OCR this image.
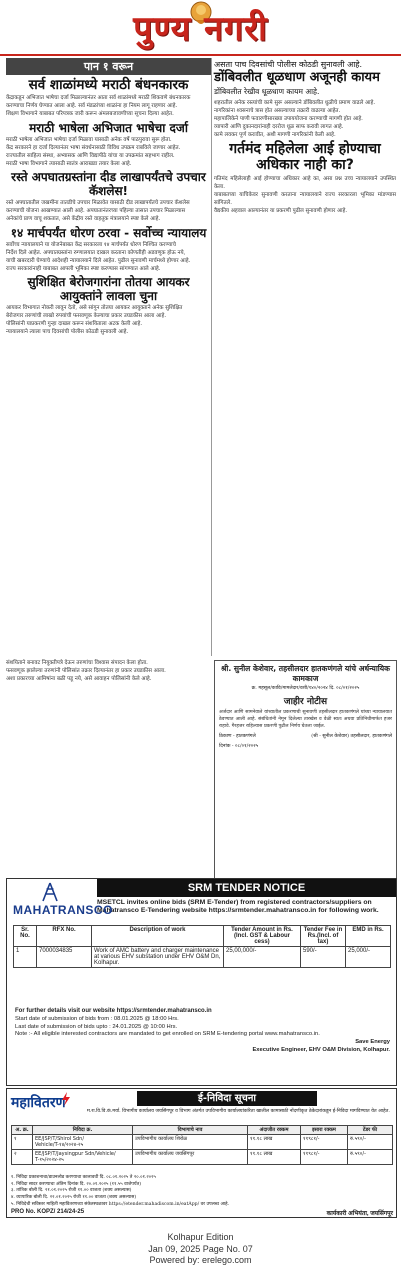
पुण्य नगरी
पान १ वरून
सर्व शाळांमध्ये मराठी बंधनकारक
केंद्राकडून अभिजात भाषेचा दर्जा मिळाल्यानंतर आता सर्व शाळांमध्ये मराठी शिकवणे बंधनकारक
करण्याचा निर्णय घेण्यात आला आहे. सर्व मंडळांच्या शाळांना हा नियम लागू राहणार आहे.
शिक्षण विभागाने याबाबत परिपत्रक जारी करून अंमलबजावणीच्या सूचना दिल्या आहेत.
मराठी भाषेला अभिजात भाषेचा दर्जा
मराठी भाषेला अभिजात भाषेचा दर्जा मिळावा यासाठी अनेक वर्षे पाठपुरावा सुरू होता.
केंद्र सरकारने हा दर्जा दिल्यानंतर भाषा संवर्धनासाठी विविध उपक्रम राबविले जाणार आहेत.
राज्यातील साहित्य संस्था, अभ्यासक आणि विद्यापीठे यांचा या उपक्रमांत सहभाग राहील.
मराठी भाषा विभागाने त्यासाठी स्वतंत्र आराखडा तयार केला आहे.
रस्ते अपघातग्रस्तांना दीड लाखापर्यंतचे उपचार कॅशलेस!
रस्ते अपघातातील जखमींना तातडीचे उपचार मिळावेत यासाठी दीड लाखापर्यंतचे उपचार कॅशलेस
करण्याची योजना आखण्यात आली आहे. अपघातानंतरच्या पहिल्या तासात उपचार मिळाल्यास
अनेकांचे प्राण वाचू शकतात, असे केंद्रीय रस्ते वाहतूक मंत्रालयाने स्पष्ट केले आहे.
१४ मार्चपर्यंत धोरण ठरवा - सर्वोच्च न्यायालय
सर्वोच्च न्यायालयाने या योजनेबाबत केंद्र सरकारला १४ मार्चपर्यंत धोरण निश्चित करण्याचे
निर्देश दिले आहेत. अपघातग्रस्तांना रुग्णालयात दाखल करताना कोणतीही अडवणूक होऊ नये,
याची खबरदारी घेण्याचे आदेशही न्यायालयाने दिले आहेत. पुढील सुनावणी मार्चमध्ये होणार आहे.
राज्य सरकारांनाही याबाबत आपली भूमिका स्पष्ट करण्यास सांगण्यात आले आहे.
सुशिक्षित बेरोजगारांना तोतया आयकर आयुक्तांने लावला चुना
आयकर विभागात नोकरी लावून देतो, असे सांगून तोतया आयकर आयुक्ताने अनेक सुशिक्षित
बेरोजगार तरुणांची लाखो रुपयांची फसवणूक केल्याचा प्रकार उघडकीस आला आहे.
पोलिसांनी याप्रकरणी गुन्हा दाखल करून संशयिताला अटक केली आहे.
न्यायालयाने त्याला पाच दिवसांची पोलीस कोठडी सुनावली आहे.
असता पाच दिवसांची पोलीस कोठडी सुनावली आहे.
डोंबिवलीत धूळधाण अजूनही कायम
डोंबिवलीत रेखीव धूळधाण कायम आहे.
शहरातील अनेक रस्त्यांची कामे सुरू असल्याने डोंबिवलीत धुळीचे प्रमाण वाढले आहे.
नागरिकांना श्वसनाचे त्रास होत असल्याच्या तक्रारी वाढल्या आहेत.
महापालिकेने पाणी फवारणीसारख्या उपाययोजना करण्याची मागणी होत आहे.
व्यापारी आणि दुकानदारांनाही दररोज धूळ साफ करावी लागत आहे.
कामे लवकर पूर्ण करावीत, अशी मागणी नागरिकांनी केली आहे.
गर्तमंद महिलेला आई होण्याचा अधिकार नाही का?
गतिमंद महिलेलाही आई होण्याचा अधिकार आहे का, असा प्रश्न उच्च न्यायालयाने उपस्थित केला.
याबाबतच्या याचिकेवर सुनावणी करताना न्यायालयाने राज्य सरकारला भूमिका मांडण्यास सांगितले.
वैद्यकीय अहवाल आल्यानंतर या प्रकरणी पुढील सुनावणी होणार आहे.
श्री. सुनील केशेवार, तहसीलदार हातकणंगले यांचे अर्धन्यायिक कामकाज
क्र. महसूल/कावि/मामलेदार/वशी/१४०/२०२४ दि. ०८/०१/२०२५
जाहीर नोटीस
अर्जदार आणि सामनेवाले यांच्यातील प्रकरणाची सुनावणी तहसीलदार हातकणंगले यांच्या न्यायालयात ठेवण्यात आली आहे. संबंधितांनी नेमून दिलेल्या तारखेस व वेळी स्वतः अथवा प्रतिनिधीमार्फत हजर राहावे. गैरहजर राहिल्यास प्रकरणी पुढील निर्णय घेतला जाईल.
ठिकाण - हातकणंगले	(श्री - सुनील केशेवार) तहसीलदार, हातकणंगले
दिनांक - ०८/०१/२०२५
संशयिताने बनावट नियुक्तीपत्रे देऊन तरुणांचा विश्वास संपादन केला होता.
फसवणूक झालेल्या तरुणांनी पोलिसांत तक्रार दिल्यानंतर हा प्रकार उघडकीस आला.
अशा प्रकारच्या आमिषांना बळी पडू नये, असे आवाहन पोलिसांनी केले आहे.
MAHATRANSCO
SRM TENDER NOTICE
MSETCL invites online bids (SRM E-Tender) from registered contractors/suppliers on Mahatransco E-Tendering website https://srmtender.mahatransco.in for following work.
Sr. No.	RFX No.	Description of work	Tender Amount in Rs. (Incl. GST & Labour cess)	Tender Fee in Rs.(Incl. of tax)	EMD in Rs.
1	7000034835	Work of AMC battery and charger maintenance at various EHV substation under EHV O&M Dn, Kolhapur.	25,00,000/-	590/-	25,000/-
For further details visit our website https://srmtender.mahatransco.in
Start date of submission of bids from : 08.01.2025 @ 18:00 Hrs.
Last date of submission of bids upto : 24.01.2025 @ 10:00 Hrs.
Note :- All eligible interested contractors are mandated to get enrolled on SRM E-tendering portal www.mahatransco.in.
Save Energy
Executive Engineer, EHV O&M Division, Kolhapur.
महावितरण	ई-निविदा सूचना
म.रा.वि.वि.कं.मर्या. विभागीय कार्यालय जयसिंगपूर व विभाग अंतर्गत उपविभागीय कार्यालयांकरिता खालील कामासाठी नोंदणीकृत ठेकेदारांकडून ई-निविदा मागविण्यात येत आहेत.
अ. क्र.	निविदा क्र.	विभागाचे नाव	अंदाजीत रक्कम	इसारा रक्कम	टेंडर फी
१	EE/JSP/T/Shirol Sdn/ Vehicle/T-१४/२०२४-२५	उपविभागीय कार्यालय शिरोळ	११.१८ लाख	११९८१/-	रु.५९०/-
२	EE/JSP/T/Jaysingpur Sdn/Vehicle/ T-१५/२०२४-२५	उपविभागीय कार्यालय जयसिंगपूर	११.१८ लाख	११९८१/-	रु.५९०/-
१. निविदा प्रकाशनाचा/डाउनलोड करण्याचा कालावधी दि. ०८.०१.२०२५ ते २०.०१.२०२५
२. निविदा सादर करण्याचा अंतिम दिनांक दि. २०.०१.२०२५ (११.५५ वाजेपर्यंत)
३. तांत्रिक बोली दि. २१.०१.२०२५ रोजी ११.०० वाजता (शक्य असल्यास)
४. व्यापारिक बोली दि. २२.०१.२०२५ रोजी ११.०० वाजता (शक्य असल्यास)
५. निविदेची सविस्तर माहिती महावितरणच्या संकेतस्थळावर https://etender.mahadiscom.in/eatApp/ वर उपलब्ध आहे.
PRO No. KOPZ/ 214/24-25	कार्यकारी अभियंता, जयसिंगपूर
Kolhapur Edition
Jan 09, 2025 Page No. 07
Powered by: erelego.com
